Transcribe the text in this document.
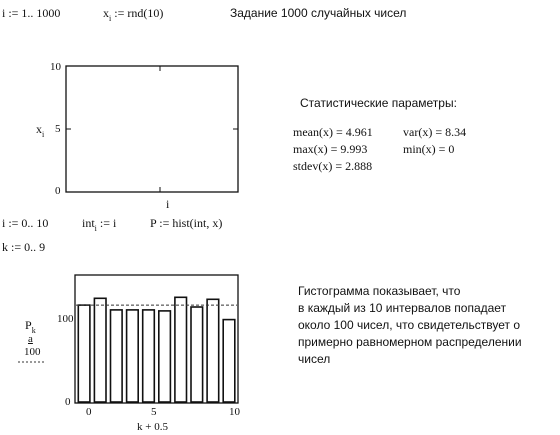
i := 1.. 1000	$x_i$ := rnd(10)	Задание 1000 случайных чисел
10
5
0
$x_i$
i
Статистические параметры:
mean(x) = 4.961	var(x) = 8.34
max(x) = 9.993	min(x) = 0
stdev(x) = 2.888
i := 0.. 10	int$_i$ := i	P := hist(int, x)
k := 0.. 9
100
0
0	5	10
$P_k$
a
100
k + 0.5
Гистограмма показывает, что
в каждый из 10 интервалов попадает
около 100 чисел, что свидетельствует о
примерно равномерном распределении
чисел
